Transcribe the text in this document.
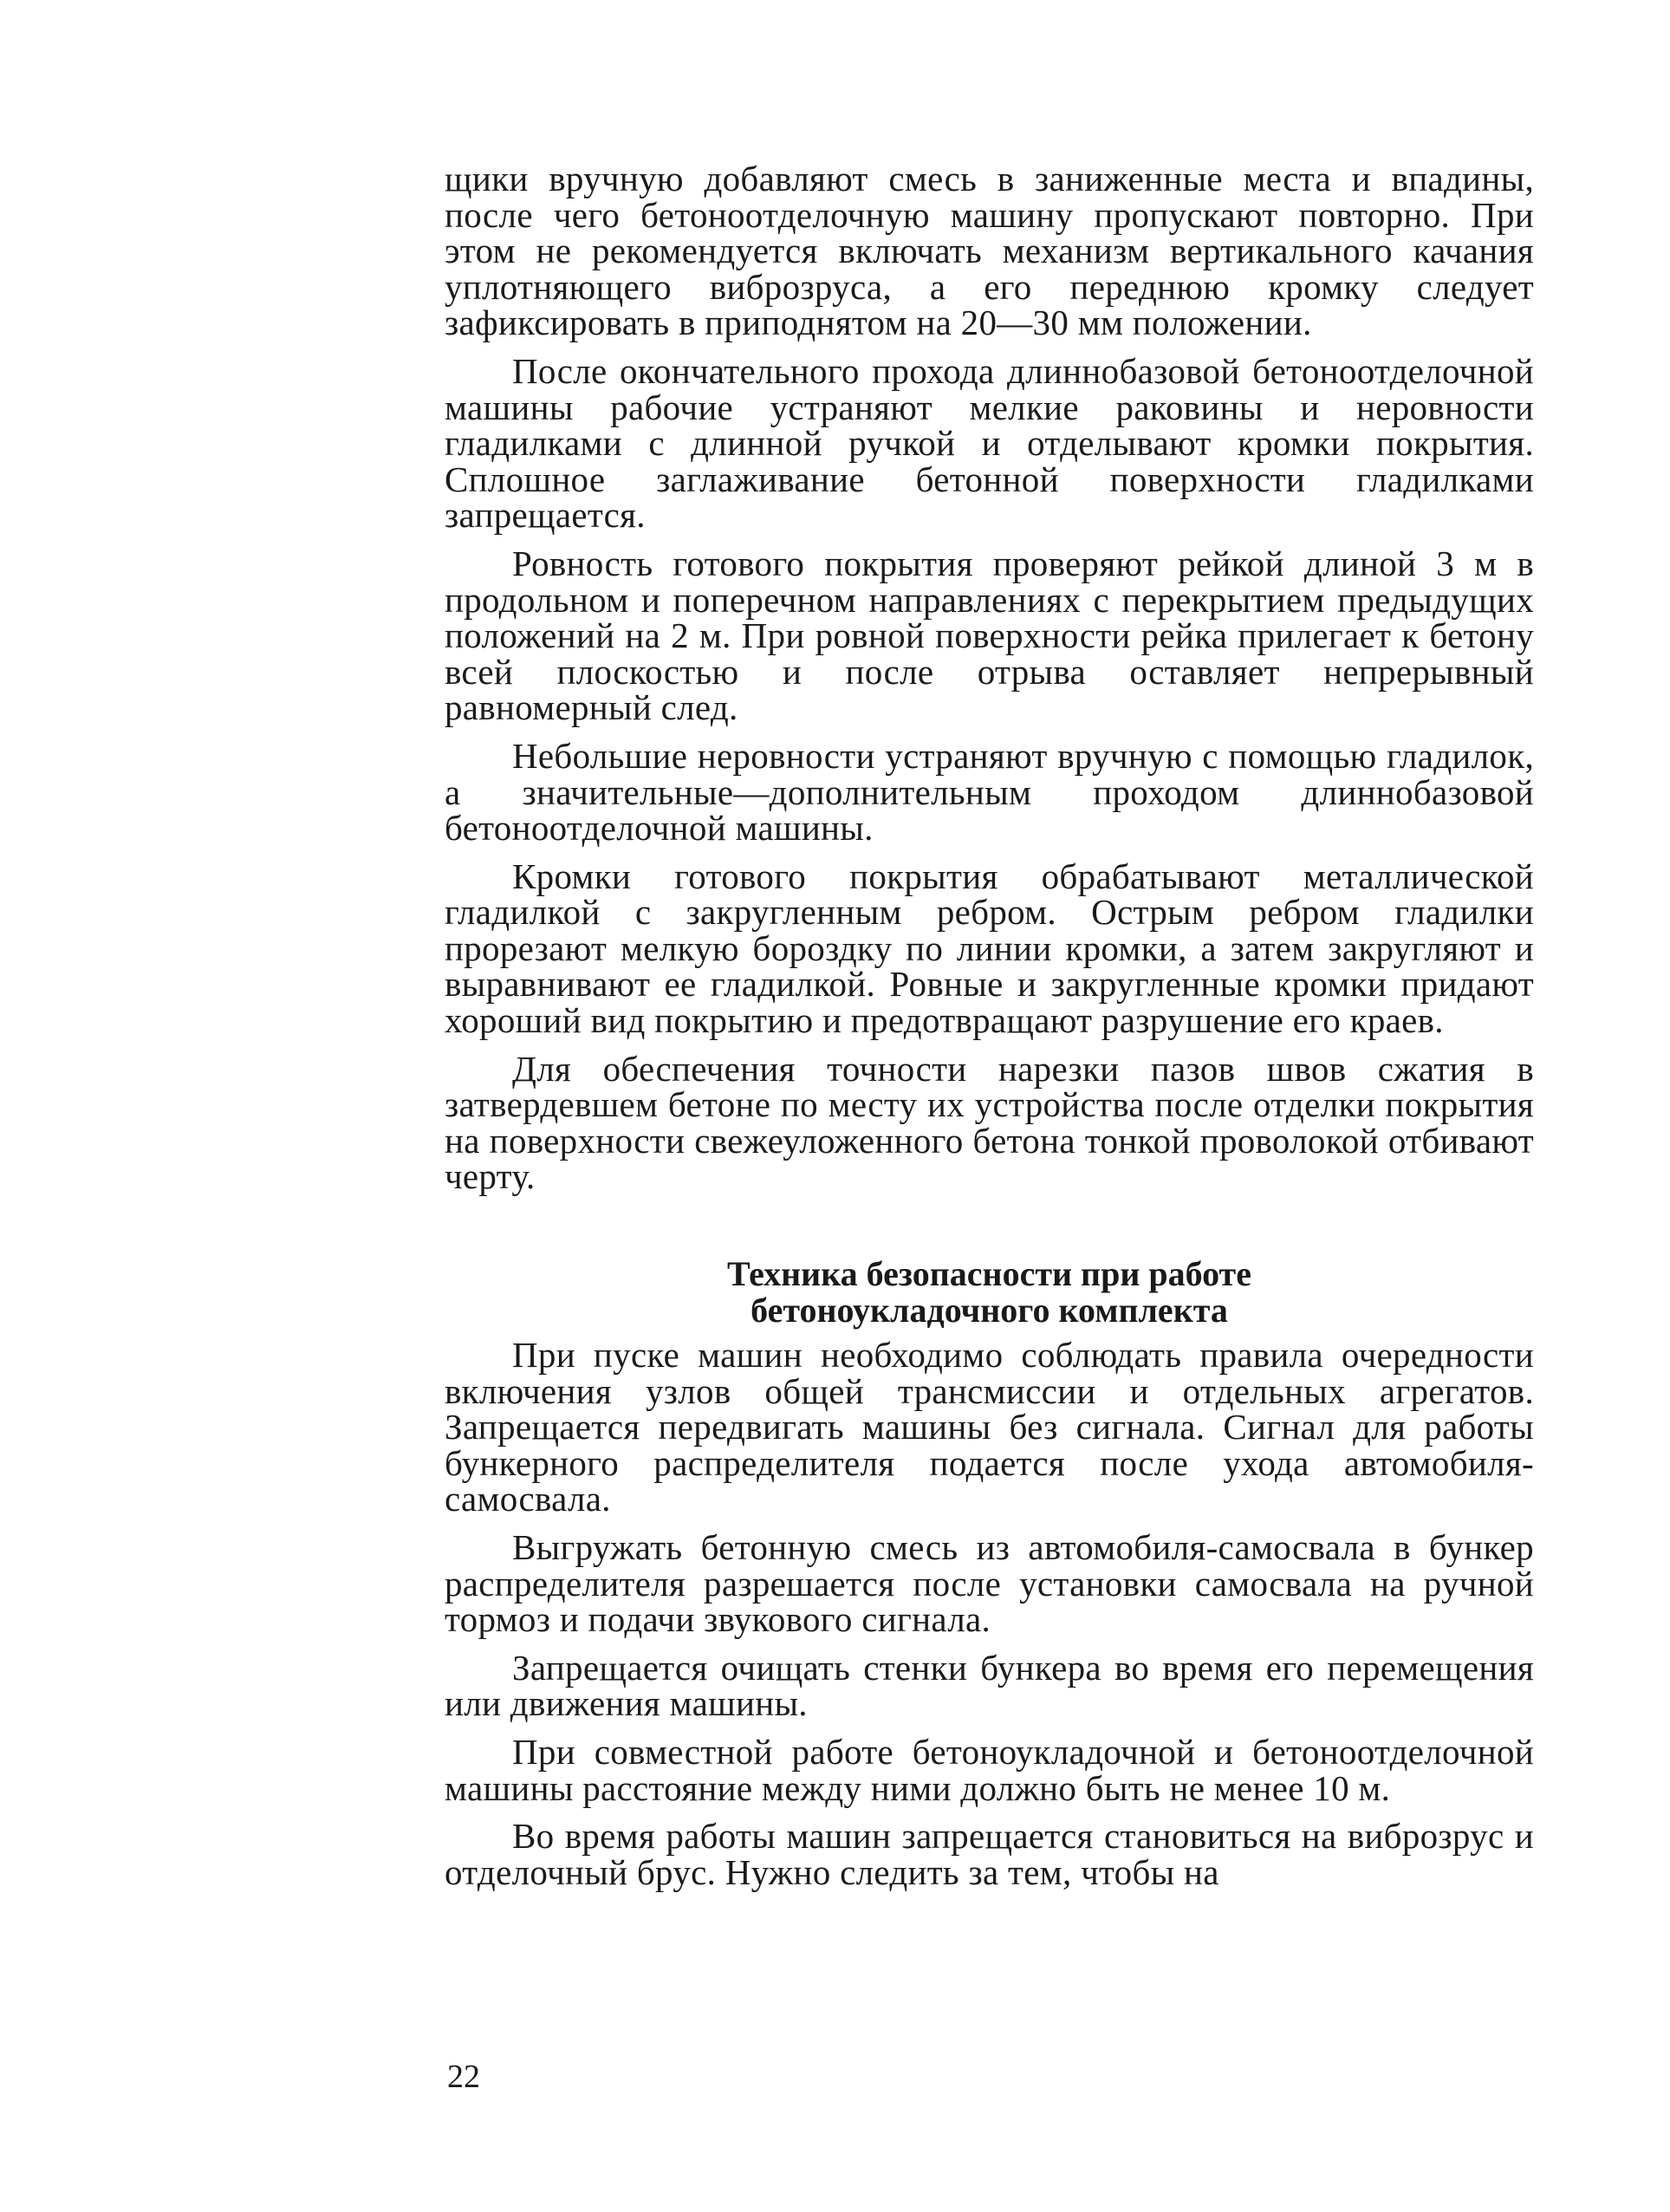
щики вручную добавляют смесь в заниженные места и впадины, после чего бетоноотделочную машину пропускают повторно. При этом не рекомендуется включать механизм вертикального качания уплотняющего виброзруса, а его переднюю кромку следует зафиксировать в приподнятом на 20—30 мм положении.

После окончательного прохода длиннобазовой бетоноотделочной машины рабочие устраняют мелкие раковины и неровности гладилками с длинной ручкой и отделывают кромки покрытия. Сплошное заглаживание бетонной поверхности гладилками запрещается.

Ровность готового покрытия проверяют рейкой длиной 3 м в продольном и поперечном направлениях с перекрытием предыдущих положений на 2 м. При ровной поверхности рейка прилегает к бетону всей плоскостью и после отрыва оставляет непрерывный равномерный след.

Небольшие неровности устраняют вручную с помощью гладилок, а значительные—дополнительным проходом длиннобазовой бетоноотделочной машины.

Кромки готового покрытия обрабатывают металлической гладилкой с закругленным ребром. Острым ребром гладилки прорезают мелкую бороздку по линии кромки, а затем закругляют и выравнивают ее гладилкой. Ровные и закругленные кромки придают хороший вид покрытию и предотвращают разрушение его краев.

Для обеспечения точности нарезки пазов швов сжатия в затвердевшем бетоне по месту их устройства после отделки покрытия на поверхности свежеуложенного бетона тонкой проволокой отбивают черту.

Техника безопасности при работе
бетоноукладочного комплекта

При пуске машин необходимо соблюдать правила очередности включения узлов общей трансмиссии и отдельных агрегатов. Запрещается передвигать машины без сигнала. Сигнал для работы бункерного распределителя подается после ухода автомобиля-самосвала.

Выгружать бетонную смесь из автомобиля-самосвала в бункер распределителя разрешается после установки самосвала на ручной тормоз и подачи звукового сигнала.

Запрещается очищать стенки бункера во время его перемещения или движения машины.

При совместной работе бетоноукладочной и бетоноотделочной машины расстояние между ними должно быть не менее 10 м.

Во время работы машин запрещается становиться на виброзрус и отделочный брус. Нужно следить за тем, чтобы на

22
